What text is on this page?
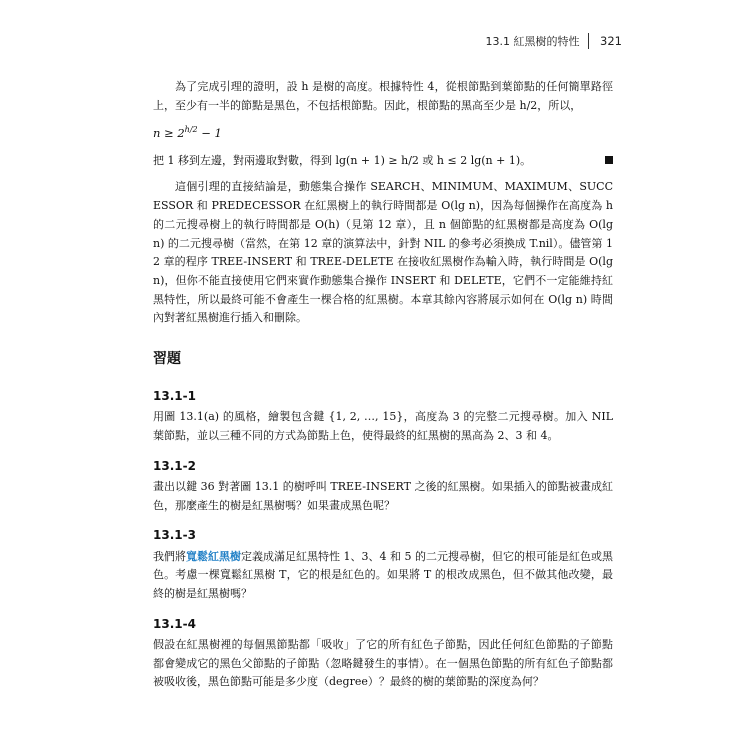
13.1 紅黑樹的特性 321

為了完成引理的證明，設 h 是樹的高度。根據特性 4，從根節點到葉節點的任何簡單路徑上，至少有一半的節點是黑色，不包括根節點。因此，根節點的黑高至少是 h/2，所以，

$n \ge 2^{h/2} - 1$

把 1 移到左邊，對兩邊取對數，得到 lg(n + 1) ≥ h/2 或 h ≤ 2 lg(n + 1)。

這個引理的直接結論是，動態集合操作 SEARCH、MINIMUM、MAXIMUM、SUCCESSOR 和 PREDECESSOR 在紅黑樹上的執行時間都是 O(lg n)，因為每個操作在高度為 h 的二元搜尋樹上的執行時間都是 O(h)（見第 12 章），且 n 個節點的紅黑樹都是高度為 O(lg n) 的二元搜尋樹（當然，在第 12 章的演算法中，針對 NIL 的參考必須換成 T.nil）。儘管第 12 章的程序 TREE-INSERT 和 TREE-DELETE 在接收紅黑樹作為輸入時，執行時間是 O(lg n)，但你不能直接使用它們來實作動態集合操作 INSERT 和 DELETE，它們不一定能維持紅黑特性，所以最終可能不會產生一棵合格的紅黑樹。本章其餘內容將展示如何在 O(lg n) 時間內對著紅黑樹進行插入和刪除。

習題
13.1-1

用圖 13.1(a) 的風格，繪製包含鍵 {1, 2, …, 15}，高度為 3 的完整二元搜尋樹。加入 NIL 葉節點，並以三種不同的方式為節點上色，使得最終的紅黑樹的黑高為 2、3 和 4。

13.1-2

畫出以鍵 36 對著圖 13.1 的樹呼叫 TREE-INSERT 之後的紅黑樹。如果插入的節點被畫成紅色，那麼產生的樹是紅黑樹嗎？如果畫成黑色呢？

13.1-3

我們將寬鬆紅黑樹定義成滿足紅黑特性 1、3、4 和 5 的二元搜尋樹，但它的根可能是紅色或黑色。考慮一棵寬鬆紅黑樹 T，它的根是紅色的。如果將 T 的根改成黑色，但不做其他改變，最終的樹是紅黑樹嗎？

13.1-4

假設在紅黑樹裡的每個黑節點都「吸收」了它的所有紅色子節點，因此任何紅色節點的子節點都會變成它的黑色父節點的子節點（忽略鍵發生的事情）。在一個黑色節點的所有紅色子節點都被吸收後，黑色節點可能是多少度（degree）？最終的樹的葉節點的深度為何？
